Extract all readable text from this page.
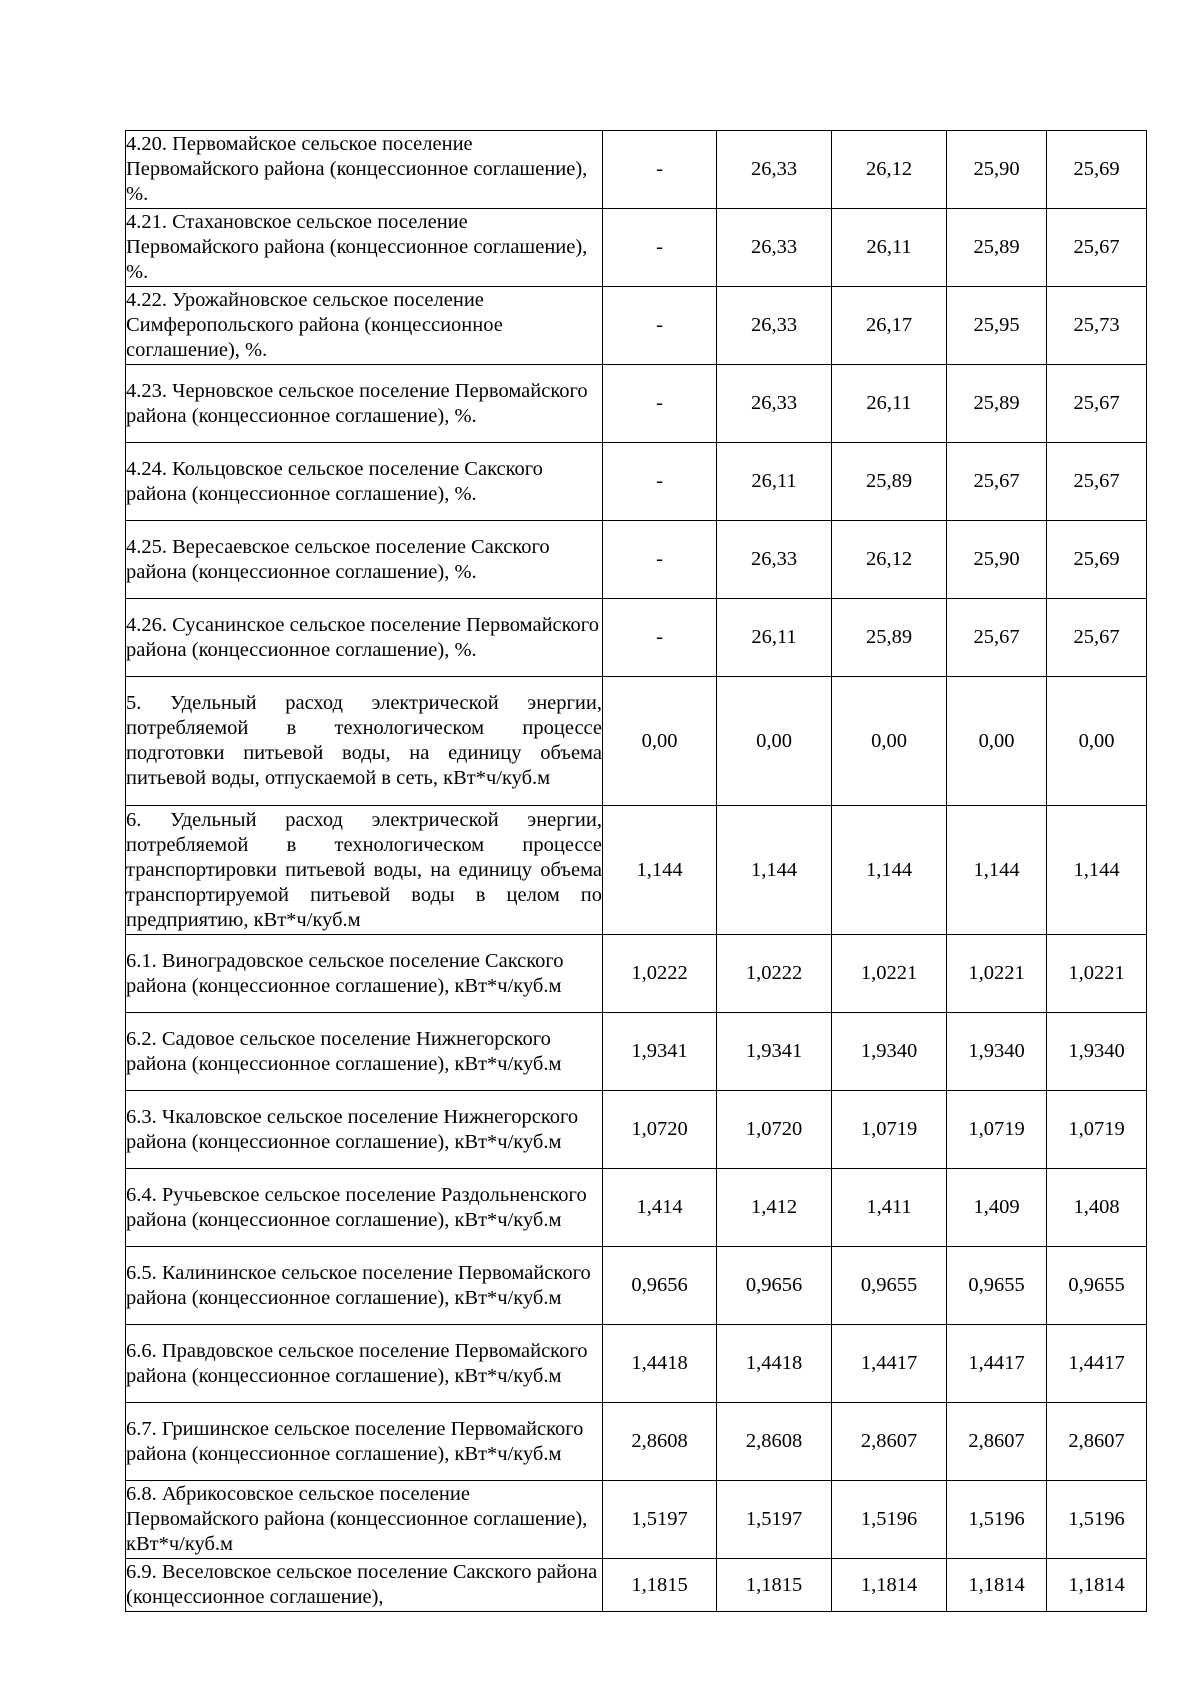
4.20. Первомайское сельское поселение Первомайского района (концессионное соглашение), %.	-	26,33	26,12	25,90	25,69
4.21. Стахановское сельское поселение Первомайского района (концессионное соглашение), %.	-	26,33	26,11	25,89	25,67
4.22. Урожайновское сельское поселение Симферопольского района (концессионное соглашение), %.	-	26,33	26,17	25,95	25,73
4.23. Черновское сельское поселение Первомайского района (концессионное соглашение), %.	-	26,33	26,11	25,89	25,67
4.24. Кольцовское сельское поселение Сакского района (концессионное соглашение), %.	-	26,11	25,89	25,67	25,67
4.25. Вересаевское сельское поселение Сакского района (концессионное соглашение), %.	-	26,33	26,12	25,90	25,69
4.26. Сусанинское сельское поселение Первомайского района (концессионное соглашение), %.	-	26,11	25,89	25,67	25,67
5. Удельный расход электрической энергии, потребляемой в технологическом процессе подготовки питьевой воды, на единицу объема питьевой воды, отпускаемой в сеть, кВт*ч/куб.м	0,00	0,00	0,00	0,00	0,00
6. Удельный расход электрической энергии, потребляемой в технологическом процессе транспортировки питьевой воды, на единицу объема транспортируемой питьевой воды в целом по предприятию, кВт*ч/куб.м	1,144	1,144	1,144	1,144	1,144
6.1. Виноградовское сельское поселение Сакского района (концессионное соглашение), кВт*ч/куб.м	1,0222	1,0222	1,0221	1,0221	1,0221
6.2. Садовое сельское поселение Нижнегорского района (концессионное соглашение), кВт*ч/куб.м	1,9341	1,9341	1,9340	1,9340	1,9340
6.3. Чкаловское сельское поселение Нижнегорского района (концессионное соглашение), кВт*ч/куб.м	1,0720	1,0720	1,0719	1,0719	1,0719
6.4. Ручьевское сельское поселение Раздольненского района (концессионное соглашение), кВт*ч/куб.м	1,414	1,412	1,411	1,409	1,408
6.5. Калининское сельское поселение Первомайского района (концессионное соглашение), кВт*ч/куб.м	0,9656	0,9656	0,9655	0,9655	0,9655
6.6. Правдовское сельское поселение Первомайского района (концессионное соглашение), кВт*ч/куб.м	1,4418	1,4418	1,4417	1,4417	1,4417
6.7. Гришинское сельское поселение Первомайского района (концессионное соглашение), кВт*ч/куб.м	2,8608	2,8608	2,8607	2,8607	2,8607
6.8. Абрикосовское сельское поселение Первомайского района (концессионное соглашение), кВт*ч/куб.м	1,5197	1,5197	1,5196	1,5196	1,5196
6.9. Веселовское сельское поселение Сакского района (концессионное соглашение),	1,1815	1,1815	1,1814	1,1814	1,1814
